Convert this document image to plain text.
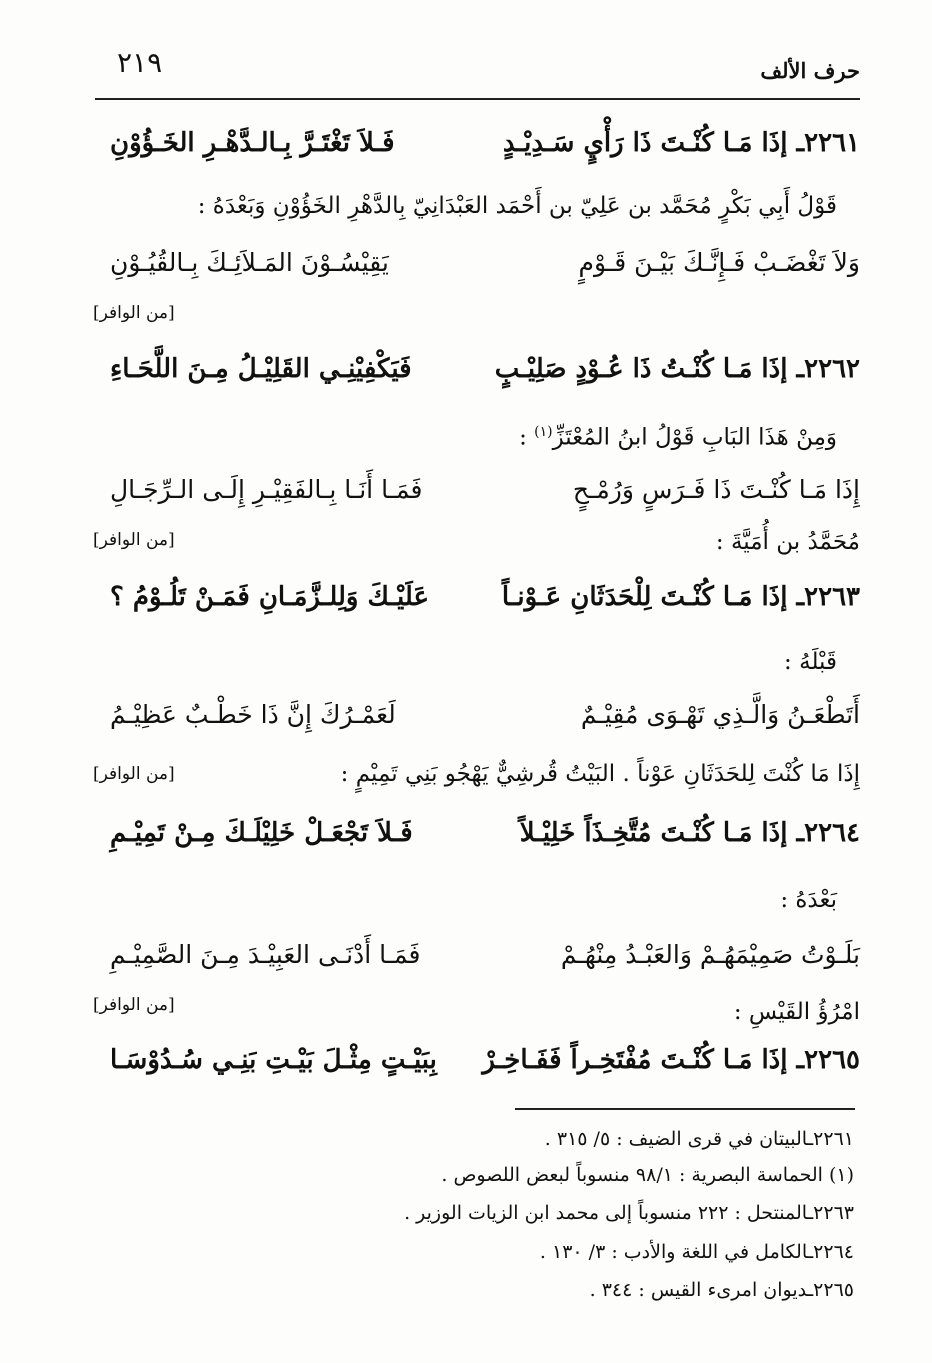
٢١٩	حرف الألف
٢٢٦١ـ إذَا مَـا كُنْـتَ ذَا رَأْيٍ سَـدِيْـدٍ
فَـلاَ تَغْتَـرَّ بِـالـدَّهْـرِ الخَـؤُوْنِ
قَوْلُ أَبِي بَكْرٍ مُحَمَّد بن عَلِيّ بن أَحْمَد العَبْدَانِيّ بِالدَّهْرِ الخَؤُوْنِ وَبَعْدَهُ :
وَلاَ تَغْضَـبْ فَـإِنَّـكَ بَيْـنَ قَـوْمٍ
يَقِيْسُـوْنَ المَـلاَئِـكَ بِـالقُيُـوْنِ
[من الوافر]
٢٢٦٢ـ إذَا مَـا كُنْـتُ ذَا عُـوْدٍ صَلِيْـبٍ
فَيَكْفِيْنِـي القَلِيْـلُ مِـنَ اللَّحَـاءِ
وَمِنْ هَذَا البَابِ قَوْلُ ابنُ المُعْتَزِّ$^{(١)}$ :
إِذَا مَـا كُنْـتَ ذَا فَـرَسٍ وَرُمْـحٍ
فَمَـا أَنَـا بِـالفَقِيْـرِ إِلَـى الـرِّجَـالِ
مُحَمَّدُ بن أُمَيَّةَ :
[من الوافر]
٢٢٦٣ـ إذَا مَـا كُنْـتَ لِلْحَدَثَانِ عَـوْنـاً
عَلَيْـكَ وَلِلـزَّمَـانِ فَمَـنْ تَلُـوْمُ ؟
قَبْلَهُ :
أَتَطْعَـنُ وَالَّـذِي تَهْـوَى مُقِيْـمٌ
لَعَمْـرُكَ إِنَّ ذَا خَطْـبٌ عَظِيْـمُ
إِذَا مَا كُنْتَ لِلحَدَثَانِ عَوْناً . البَيْتُ قُرشِيٌّ يَهْجُو بَنِي تَمِيْمٍ :
[من الوافر]
٢٢٦٤ـ إذَا مَـا كُنْـتَ مُتَّخِـذَاً خَلِيْـلاً
فَـلاَ تَجْعَـلْ خَلِيْلَـكَ مِـنْ تَمِيْـمِ
بَعْدَهُ :
بَلَـوْتُ صَمِيْمَهُـمْ وَالعَبْـدُ مِنْهُـمْ
فَمَـا أَدْنَـى العَبِيْـدَ مِـنَ الصَّمِيْـمِ
امْرُؤُ القَيْسِ :
[من الوافر]
٢٢٦٥ـ إذَا مَـا كُنْـتَ مُفْتَخِـراً فَفَـاخِـرْ
بِبَيْـتٍ مِثْـلَ بَيْـتِ بَنِـي سُـدُوْسَـا
٢٢٦١ـالبيتان في قرى الضيف : ٥/ ٣١٥ .
(١) الحماسة البصرية : ٩٨/١ منسوباً لبعض اللصوص .
٢٢٦٣ـالمنتحل : ٢٢٢ منسوباً إلى محمد ابن الزيات الوزير .
٢٢٦٤ـالكامل في اللغة والأدب : ٣/ ١٣٠ .
٢٢٦٥ـديوان امرىء القيس : ٣٤٤ .
